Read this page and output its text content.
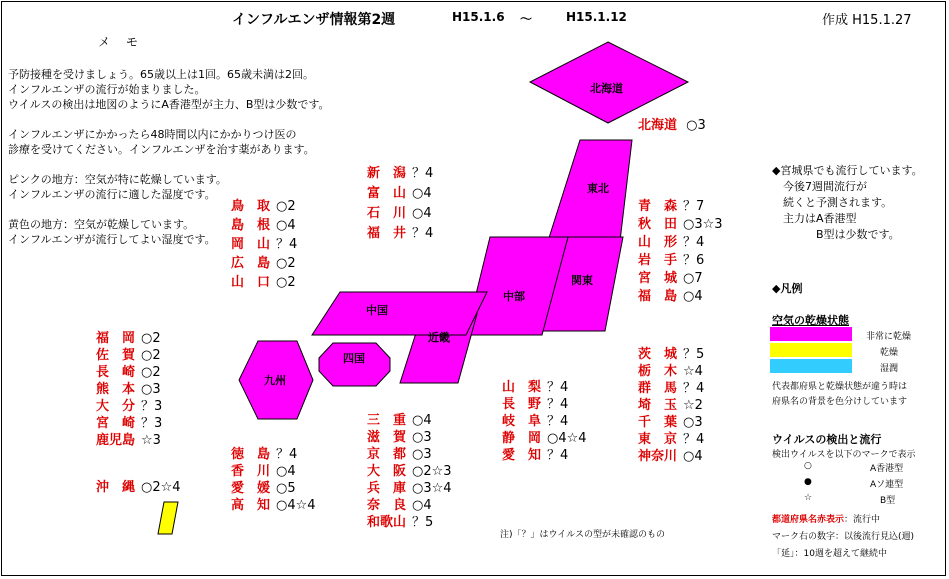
インフルエンザ情報第2週	H15.1.6 ～	H15.1.12	作成 H15.1.27
メ 　モ
予防接種を受けましょう。65歳以上は1回。65歳未満は2回。
インフルエンザの流行が始まりました。
ウイルスの検出は地図のようにA香港型が主力、B型は少数です。
インフルエンザにかかったら48時間以内にかかりつけ医の
診療を受けてください。インフルエンザを治す薬があります。
ピンクの地方：空気が特に乾燥しています。
インフルエンザの流行に適した湿度です。
黄色の地方：空気が乾燥しています。
インフルエンザが流行してよい湿度です。
北海道
東北
関東
中部
近畿
中国
四国
九州
北海道 ○3
新　潟 ？4
富　山 ○4
石　川 ○4
福　井 ？4
鳥　取 ○2
島　根 ○4
岡　山 ？4
広　島 ○2
山　口 ○2
青　森 ？7
秋　田 ○3☆3
山　形 ？4
岩　手 ？6
宮　城 ○7
福　島 ○4
◆宮城県でも流行しています。
　今後7週間流行が
　続くと予測されます。
　主力はA香港型
　　　　B型は少数です。
福　岡 ○2
佐　賀 ○2
長　崎 ○2
熊　本 ○3
大　分 ？3
宮　崎 ？3
鹿児島 ☆3
沖　縄 ○2☆4
徳　島 ？4
香　川 ○4
愛　媛 ○5
高　知 ○4☆4
三　重 ○4
滋　賀 ○3
京　都 ○3
大　阪 ○2☆3
兵　庫 ○3☆4
奈　良 ○4
和歌山 ？5
山　梨 ？4
長　野 ？4
岐　阜 ？4
静　岡 ○4☆4
愛　知 ？4
茨　城 ？5
栃　木 ☆4
群　馬 ？4
埼　玉 ☆2
千　葉 ○3
東　京 ？4
神奈川 ○4
◆凡例
空気の乾燥状態
非常に乾燥
乾燥
湿潤
代表都府県と乾燥状態が違う時は
府県名の背景を色分けしています
ウイルスの検出と流行
検出ウイルスを以下のマークで表示
○	A香港型
●	Aソ連型
☆	B型
都道府県名赤表示：流行中
マーク右の数字：以後流行見込(週)
「延」：10週を超えて継続中
注)「？」はウイルスの型が未確認のもの
